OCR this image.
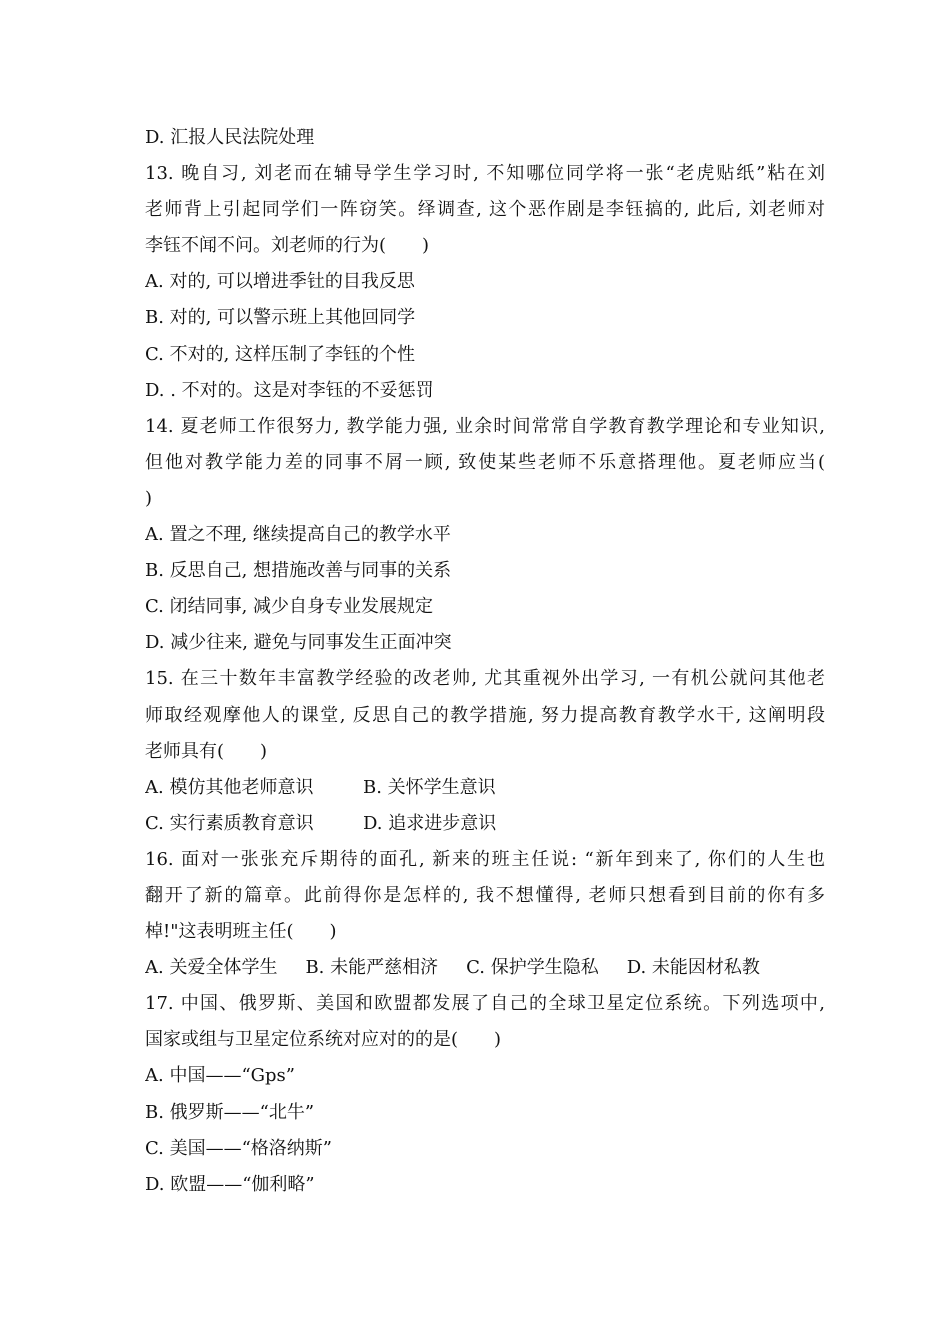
D. 汇报人民法院处理
13. 晚自习, 刘老而在辅导学生学习时, 不知哪位同学将一张“老虎贴纸”粘在刘
老师背上引起同学们一阵窃笑。绎调查, 这个恶作剧是李钰搞的, 此后, 刘老师对
李钰不闻不问。刘老师的行为(　　)
A. 对的, 可以增进季钍的目我反思
B. 对的, 可以警示班上其他回同学
C. 不对的, 这样压制了李钰的个性
D. . 不对的。这是对李钰的不妥惩罚
14. 夏老师工作很努力, 教学能力强, 业余时间常常自学教育教学理论和专业知识,
但他对教学能力差的同事不屑一顾, 致使某些老师不乐意搭理他。夏老师应当(
)
A. 置之不理, 继续提高自己的教学水平
B. 反思自己, 想措施改善与同事的关系
C. 闭结同事, 减少自身专业发展规定
D. 减少往来, 避免与同事发生正面冲突
15. 在三十数年丰富教学经验的改老帅, 尤其重视外出学习, 一有机公就问其他老
师取经观摩他人的课堂, 反思自己的教学措施, 努力提高教育教学水干, 这阐明段
老师具有(　　)
A. 模仿其他老师意识	B. 关怀学生意识
C. 实行素质教育意识	D. 追求进步意识
16. 面对一张张充斥期待的面孔, 新来的班主任说: “新年到来了, 你们的人生也
翻开了新的篇章。此前得你是怎样的, 我不想懂得, 老师只想看到目前的你有多
棹!"这表明班主任(　　)
A. 关爱全体学生 B. 未能严慈相济 C. 保护学生隐私 D. 未能因材私教
17. 中国、俄罗斯、美国和欧盟都发展了自己的全球卫星定位系统。下列选项中,
国家或组与卫星定位系统对应对的的是(　　)
A. 中国——“Gps”
B. 俄罗斯——“北牛”
C. 美国——“格洛纳斯”
D. 欧盟——“伽利略”
